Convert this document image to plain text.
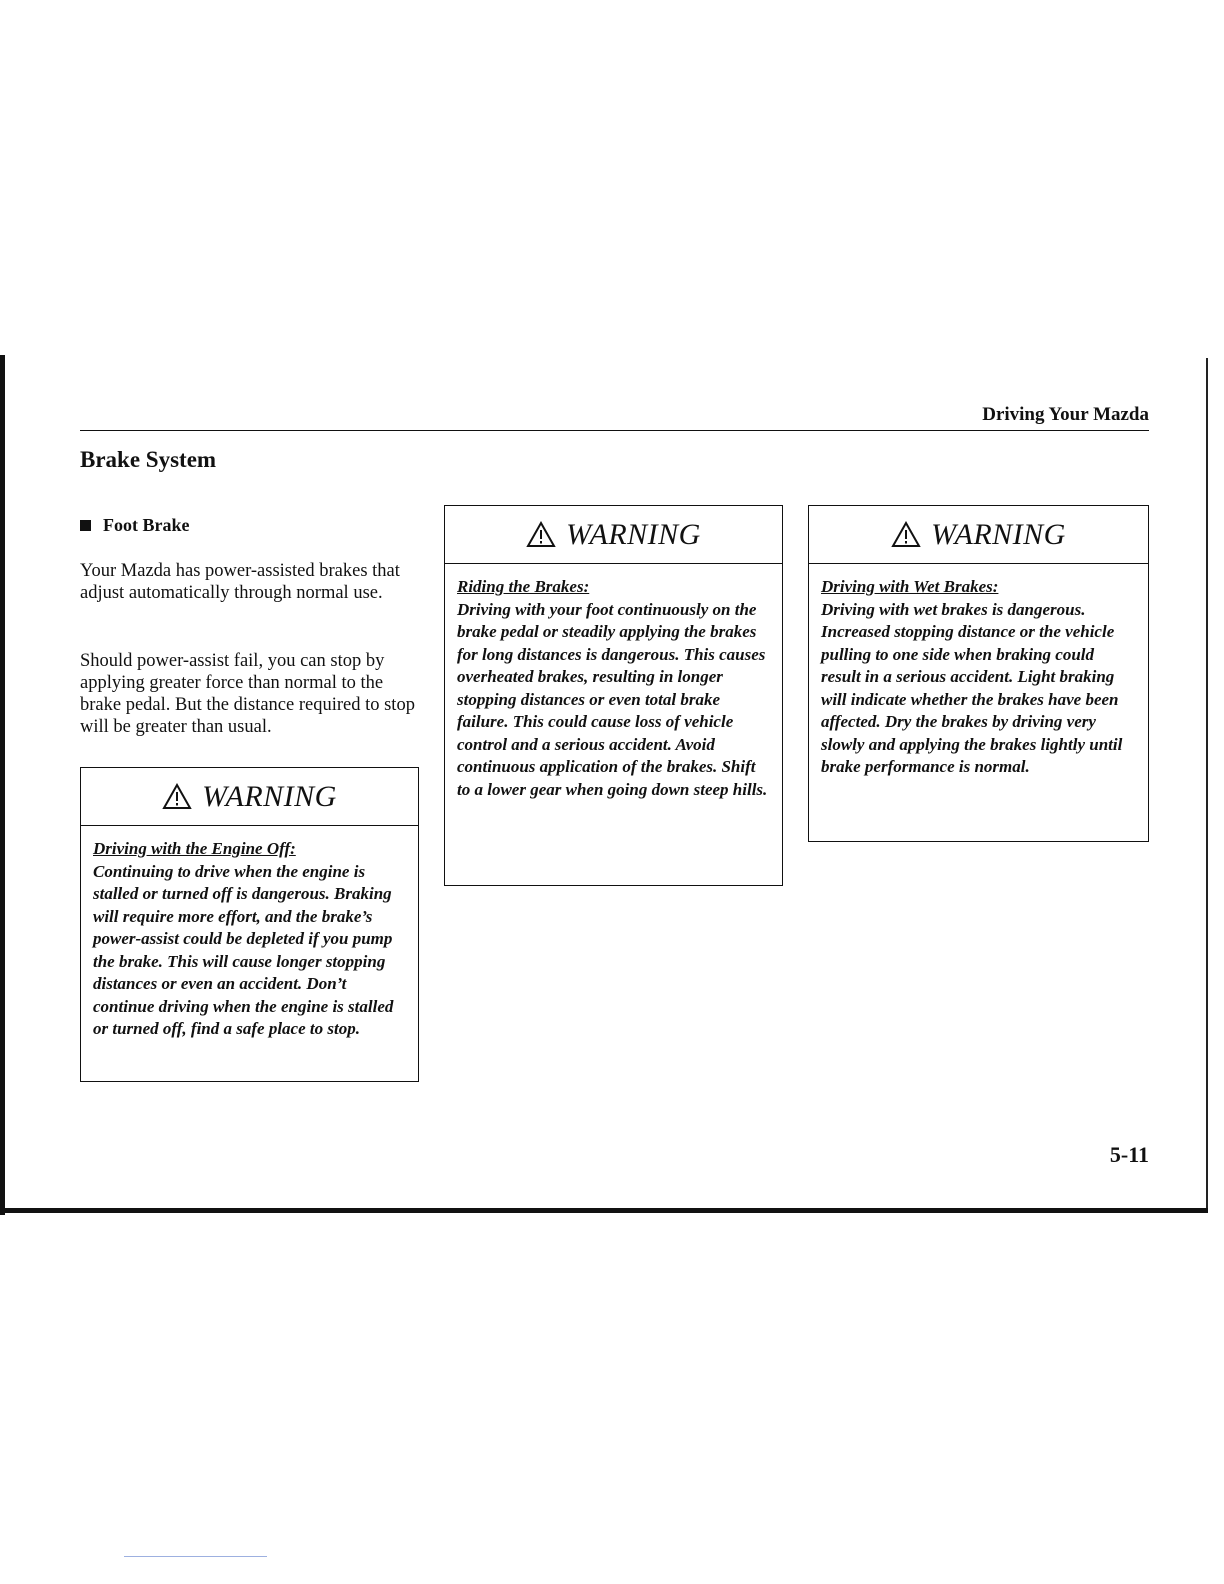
Driving Your Mazda
Brake System
Foot Brake
Your Mazda has power-assisted brakes that adjust automatically through normal use.
Should power-assist fail, you can stop by applying greater force than normal to the brake pedal. But the distance required to stop will be greater than usual.
WARNING
Driving with the Engine Off:
Continuing to drive when the engine is stalled or turned off is dangerous. Braking will require more effort, and the brake’s power-assist could be depleted if you pump the brake. This will cause longer stopping distances or even an accident. Don’t continue driving when the engine is stalled or turned off, find a safe place to stop.
WARNING
Riding the Brakes:
Driving with your foot continuously on the brake pedal or steadily applying the brakes for long distances is dangerous. This causes overheated brakes, resulting in longer stopping distances or even total brake failure. This could cause loss of vehicle control and a serious accident. Avoid continuous application of the brakes. Shift to a lower gear when going down steep hills.
WARNING
Driving with Wet Brakes:
Driving with wet brakes is dangerous. Increased stopping distance or the vehicle pulling to one side when braking could result in a serious accident. Light braking will indicate whether the brakes have been affected. Dry the brakes by driving very slowly and applying the brakes lightly until brake performance is normal.
5-11
